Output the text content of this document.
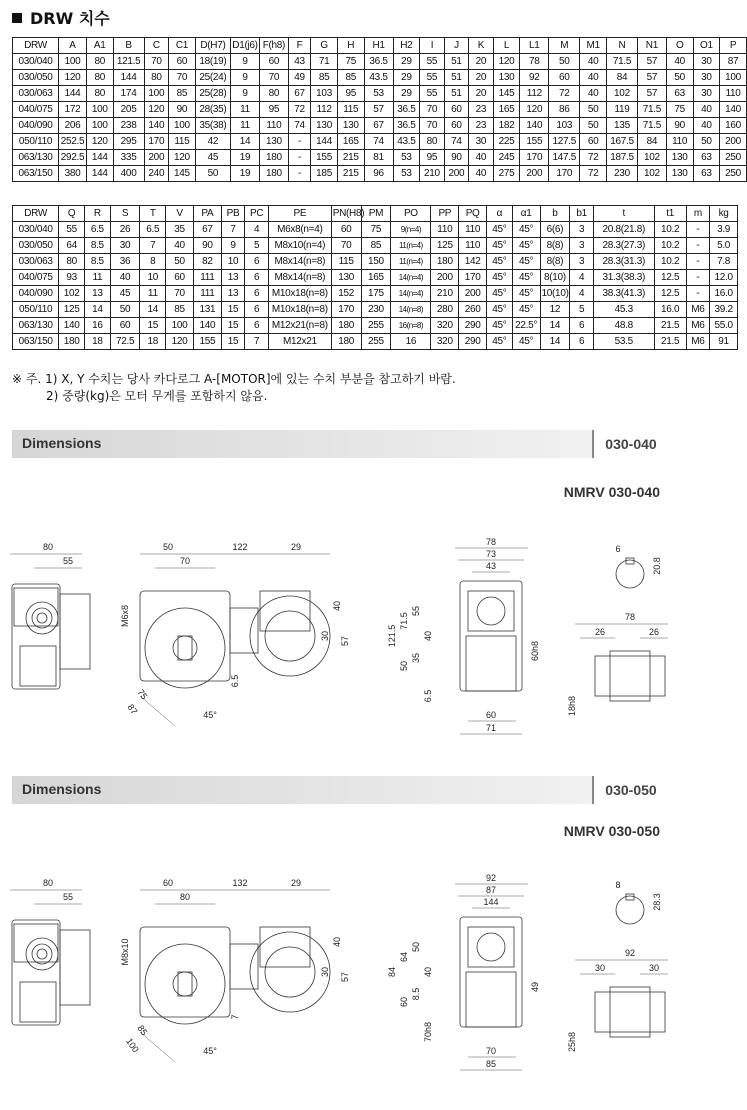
DRW 치수
DRW	A	A1	B	C	C1	D(H7)	D1(j6)	F(h8)	F	G	H	H1	H2	I	J	K	L	L1	M	M1	N	N1	O	O1	P
030/040	100	80	121.5	70	60	18(19)	9	60	43	71	75	36.5	29	55	51	20	120	78	50	40	71.5	57	40	30	87
030/050	120	80	144	80	70	25(24)	9	70	49	85	85	43.5	29	55	51	20	130	92	60	40	84	57	50	30	100
030/063	144	80	174	100	85	25(28)	9	80	67	103	95	53	29	55	51	20	145	112	72	40	102	57	63	30	110
040/075	172	100	205	120	90	28(35)	11	95	72	112	115	57	36.5	70	60	23	165	120	86	50	119	71.5	75	40	140
040/090	206	100	238	140	100	35(38)	11	110	74	130	130	67	36.5	70	60	23	182	140	103	50	135	71.5	90	40	160
050/110	252.5	120	295	170	115	42	14	130	-	144	165	74	43.5	80	74	30	225	155	127.5	60	167.5	84	110	50	200
063/130	292.5	144	335	200	120	45	19	180	-	155	215	81	53	95	90	40	245	170	147.5	72	187.5	102	130	63	250
063/150	380	144	400	240	145	50	19	180	-	185	215	96	53	210	200	40	275	200	170	72	230	102	130	63	250
DRW	Q	R	S	T	V	PA	PB	PC	PE	PN(H8)	PM	PO	PP	PQ	α	α1	b	b1	t	t1	m	kg
030/040	55	6.5	26	6.5	35	67	7	4	M6x8(n=4)	60	75	9(n=4)	110	110	45°	45°	6(6)	3	20.8(21.8)	10.2	-	3.9
030/050	64	8.5	30	7	40	90	9	5	M8x10(n=4)	70	85	11(n=4)	125	110	45°	45°	8(8)	3	28.3(27.3)	10.2	-	5.0
030/063	80	8.5	36	8	50	82	10	6	M8x14(n=8)	115	150	11(n=4)	180	142	45°	45°	8(8)	3	28.3(31.3)	10.2	-	7.8
040/075	93	11	40	10	60	111	13	6	M8x14(n=8)	130	165	14(n=4)	200	170	45°	45°	8(10)	4	31.3(38.3)	12.5	-	12.0
040/090	102	13	45	11	70	111	13	6	M10x18(n=8)	152	175	14(n=4)	210	200	45°	45°	10(10)	4	38.3(41.3)	12.5	-	16.0
050/110	125	14	50	14	85	131	15	6	M10x18(n=8)	170	230	14(n=8)	280	260	45°	45°	12	5	45.3	16.0	M6	39.2
063/130	140	16	60	15	100	140	15	6	M12x21(n=8)	180	255	16(n=8)	320	290	45°	22.5°	14	6	48.8	21.5	M6	55.0
063/150	180	18	72.5	18	120	155	15	7	M12x21	180	255	16	320	290	45°	45°	14	6	53.5	21.5	M6	91
※ 주. 1) X, Y 수치는 당사 카다로그 A-[MOTOR]에 있는 수치 부분을 참고하기 바람.
2) 중량(kg)은 모터 무게를 포함하지 않음.
Dimensions	030-040
NMRV 030-040
80
55
50	122	29
70
M6x8	40
30 57
6.5
75
87	45°
78
73
43
121.5
71.5
55
40
50
35
6.5
60h8
60
71
6
20.8
78
26	26
18h8
Dimensions	030-050
NMRV 030-050
80
55
60	132	29
80
M8x10	40
30 57
7
85
100	45°
92
87
144
84
64
50
40
60
8.5
70h8
49
70
85
8
28.3
92
30	30
25h8
